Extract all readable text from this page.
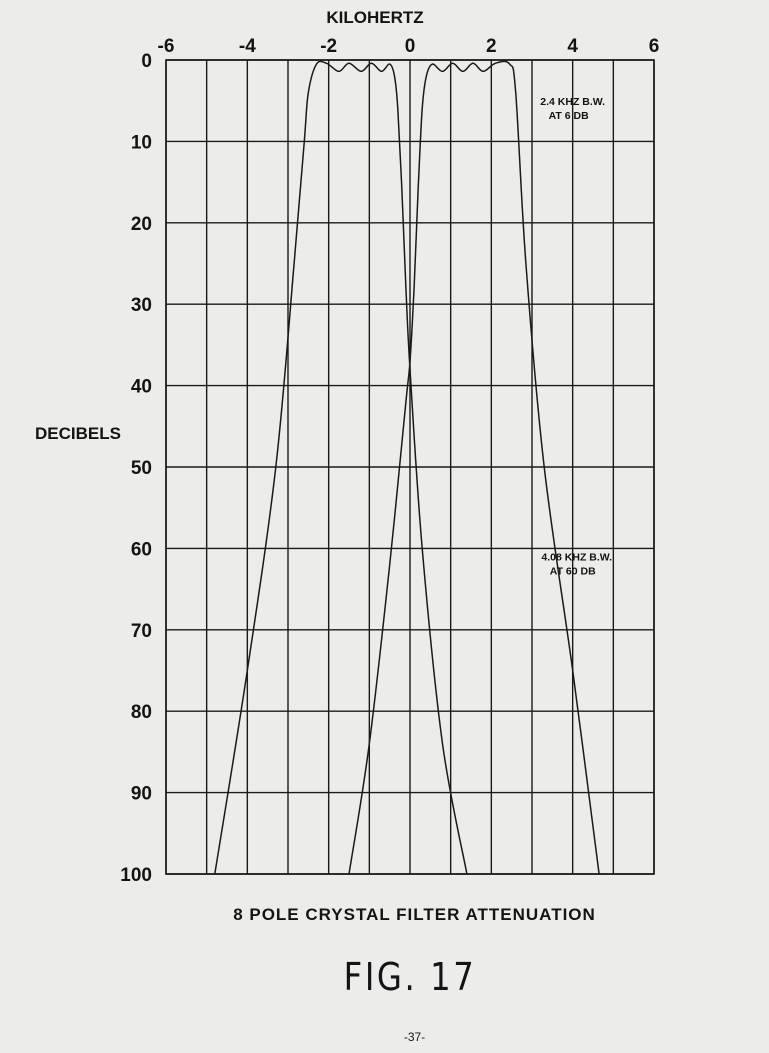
-6	-4	-2	0	2	4	6
0
10
20
30
40
50
60
70
80
90
100
KILOHERTZ
DECIBELS
2.4 KHZ B.W.
AT 6 DB
4.08 KHZ B.W.
AT 60 DB
8 POLE CRYSTAL FILTER ATTENUATION
FIG. 17
-37-
